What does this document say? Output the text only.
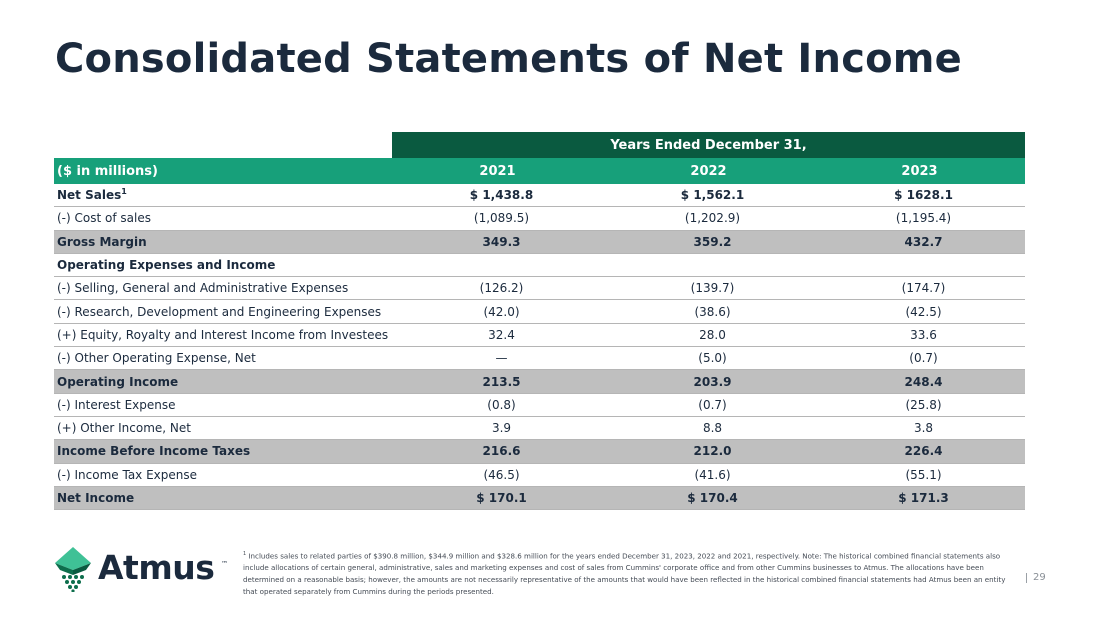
Consolidated Statements of Net Income
	Years Ended December 31,		
($ in millions)	2021	2022	2023
Net Sales$^1$	$ 1,438.8	$ 1,562.1	$ 1628.1
(-) Cost of sales	(1,089.5)	(1,202.9)	(1,195.4)
Gross Margin	349.3	359.2	432.7
Operating Expenses and Income			
(-) Selling, General and Administrative Expenses	(126.2)	(139.7)	(174.7)
(-) Research, Development and Engineering Expenses	(42.0)	(38.6)	(42.5)
(+) Equity, Royalty and Interest Income from Investees	32.4	28.0	33.6
(-) Other Operating Expense, Net	—	(5.0)	(0.7)
Operating Income	213.5	203.9	248.4
(-) Interest Expense	(0.8)	(0.7)	(25.8)
(+) Other Income, Net	3.9	8.8	3.8
Income Before Income Taxes	216.6	212.0	226.4
(-) Income Tax Expense	(46.5)	(41.6)	(55.1)
Net Income	$ 170.1	$ 170.4	$ 171.3
Atmus ™

$^1$ Includes sales to related parties of $390.8 million, $344.9 million and $328.6 million for the years ended December 31, 2023, 2022 and 2021, respectively. Note: The historical combined financial statements also include allocations of certain general, administrative, sales and marketing expenses and cost of sales from Cummins' corporate office and from other Cummins businesses to Atmus. The allocations have been determined on a reasonable basis; however, the amounts are not necessarily representative of the amounts that would have been reflected in the historical combined financial statements had Atmus been an entity that operated separately from Cummins during the periods presented.

29
